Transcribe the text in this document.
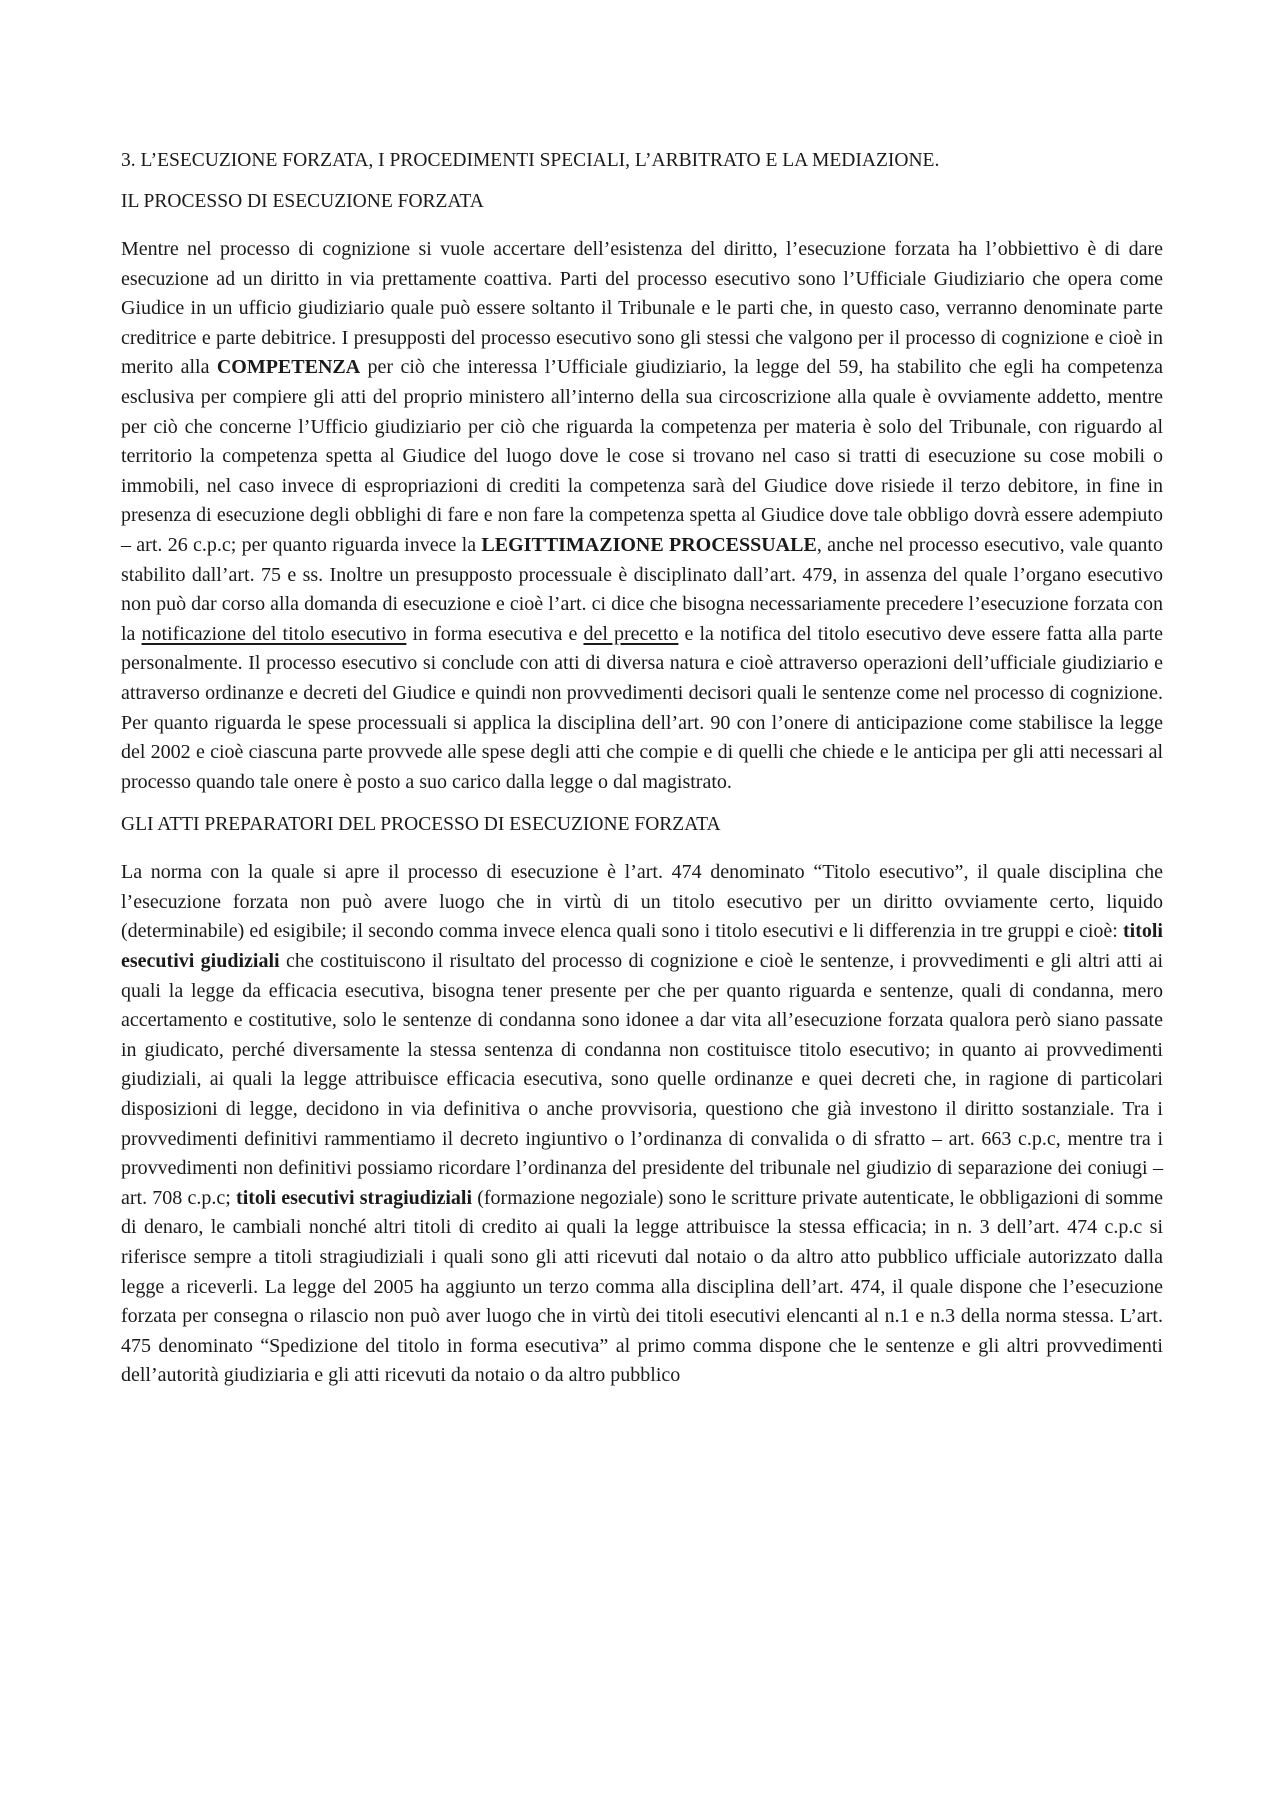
3. L’ESECUZIONE FORZATA, I PROCEDIMENTI SPECIALI, L’ARBITRATO E LA MEDIAZIONE.
IL PROCESSO DI ESECUZIONE FORZATA

Mentre nel processo di cognizione si vuole accertare dell’esistenza del diritto, l’esecuzione forzata ha l’obbiettivo è di dare esecuzione ad un diritto in via prettamente coattiva. Parti del processo esecutivo sono l’Ufficiale Giudiziario che opera come Giudice in un ufficio giudiziario quale può essere soltanto il Tribunale e le parti che, in questo caso, verranno denominate parte creditrice e parte debitrice. I presupposti del processo esecutivo sono gli stessi che valgono per il processo di cognizione e cioè in merito alla COMPETENZA per ciò che interessa l’Ufficiale giudiziario, la legge del 59, ha stabilito che egli ha competenza esclusiva per compiere gli atti del proprio ministero all’interno della sua circoscrizione alla quale è ovviamente addetto, mentre per ciò che concerne l’Ufficio giudiziario per ciò che riguarda la competenza per materia è solo del Tribunale, con riguardo al territorio la competenza spetta al Giudice del luogo dove le cose si trovano nel caso si tratti di esecuzione su cose mobili o immobili, nel caso invece di espropriazioni di crediti la competenza sarà del Giudice dove risiede il terzo debitore, in fine in presenza di esecuzione degli obblighi di fare e non fare la competenza spetta al Giudice dove tale obbligo dovrà essere adempiuto – art. 26 c.p.c; per quanto riguarda invece la LEGITTIMAZIONE PROCESSUALE, anche nel processo esecutivo, vale quanto stabilito dall’art. 75 e ss. Inoltre un presupposto processuale è disciplinato dall’art. 479, in assenza del quale l’organo esecutivo non può dar corso alla domanda di esecuzione e cioè l’art. ci dice che bisogna necessariamente precedere l’esecuzione forzata con la notificazione del titolo esecutivo in forma esecutiva e del precetto e la notifica del titolo esecutivo deve essere fatta alla parte personalmente. Il processo esecutivo si conclude con atti di diversa natura e cioè attraverso operazioni dell’ufficiale giudiziario e attraverso ordinanze e decreti del Giudice e quindi non provvedimenti decisori quali le sentenze come nel processo di cognizione. Per quanto riguarda le spese processuali si applica la disciplina dell’art. 90 con l’onere di anticipazione come stabilisce la legge del 2002 e cioè ciascuna parte provvede alle spese degli atti che compie e di quelli che chiede e le anticipa per gli atti necessari al processo quando tale onere è posto a suo carico dalla legge o dal magistrato.

GLI ATTI PREPARATORI DEL PROCESSO DI ESECUZIONE FORZATA

La norma con la quale si apre il processo di esecuzione è l’art. 474 denominato “Titolo esecutivo”, il quale disciplina che l’esecuzione forzata non può avere luogo che in virtù di un titolo esecutivo per un diritto ovviamente certo, liquido (determinabile) ed esigibile; il secondo comma invece elenca quali sono i titolo esecutivi e li differenzia in tre gruppi e cioè: titoli esecutivi giudiziali che costituiscono il risultato del processo di cognizione e cioè le sentenze, i provvedimenti e gli altri atti ai quali la legge da efficacia esecutiva, bisogna tener presente per che per quanto riguarda e sentenze, quali di condanna, mero accertamento e costitutive, solo le sentenze di condanna sono idonee a dar vita all’esecuzione forzata qualora però siano passate in giudicato, perché diversamente la stessa sentenza di condanna non costituisce titolo esecutivo; in quanto ai provvedimenti giudiziali, ai quali la legge attribuisce efficacia esecutiva, sono quelle ordinanze e quei decreti che, in ragione di particolari disposizioni di legge, decidono in via definitiva o anche provvisoria, questiono che già investono il diritto sostanziale. Tra i provvedimenti definitivi rammentiamo il decreto ingiuntivo o l’ordinanza di convalida o di sfratto – art. 663 c.p.c, mentre tra i provvedimenti non definitivi possiamo ricordare l’ordinanza del presidente del tribunale nel giudizio di separazione dei coniugi – art. 708 c.p.c; titoli esecutivi stragiudiziali (formazione negoziale) sono le scritture private autenticate, le obbligazioni di somme di denaro, le cambiali nonché altri titoli di credito ai quali la legge attribuisce la stessa efficacia; in n. 3 dell’art. 474 c.p.c si riferisce sempre a titoli stragiudiziali i quali sono gli atti ricevuti dal notaio o da altro atto pubblico ufficiale autorizzato dalla legge a riceverli. La legge del 2005 ha aggiunto un terzo comma alla disciplina dell’art. 474, il quale dispone che l’esecuzione forzata per consegna o rilascio non può aver luogo che in virtù dei titoli esecutivi elencanti al n.1 e n.3 della norma stessa. L’art. 475 denominato “Spedizione del titolo in forma esecutiva” al primo comma dispone che le sentenze e gli altri provvedimenti dell’autorità giudiziaria e gli atti ricevuti da notaio o da altro pubblico
